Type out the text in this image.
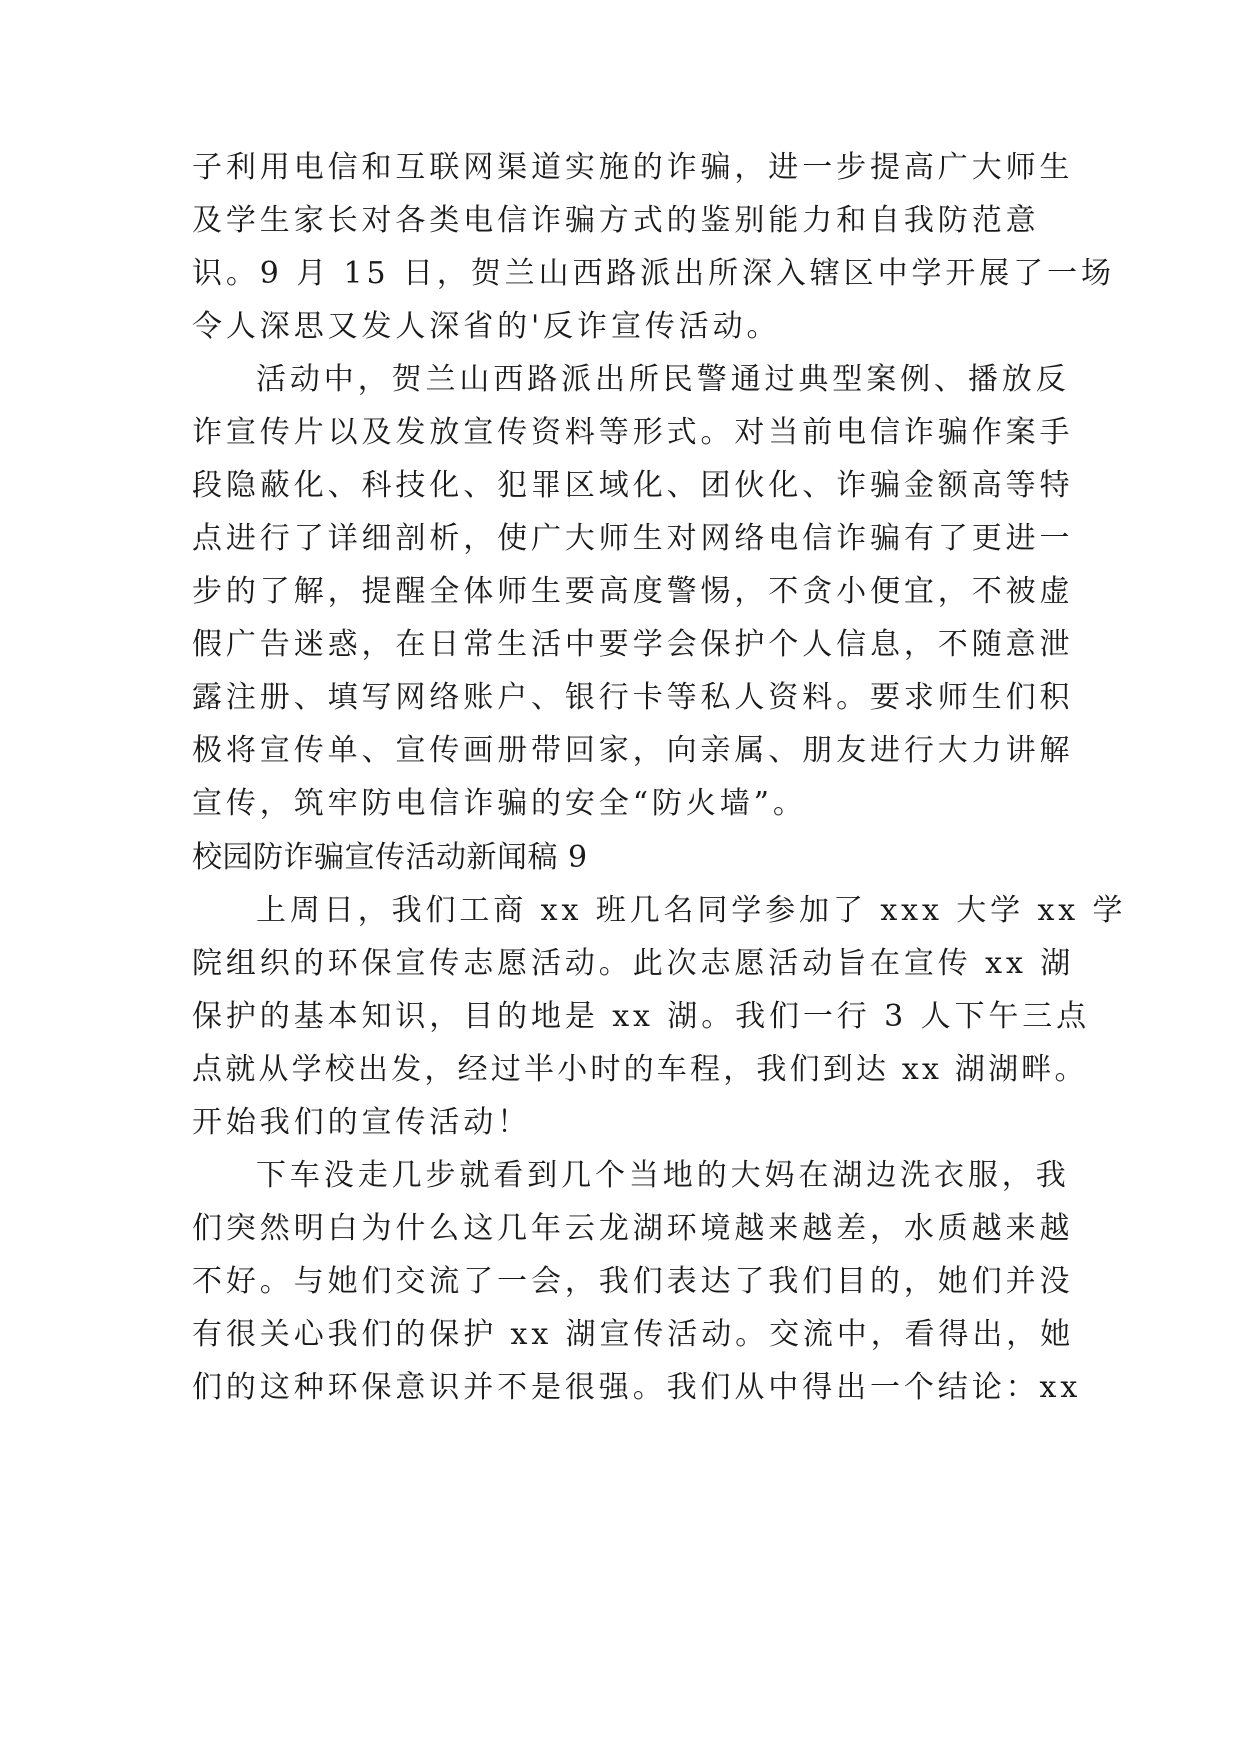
子利用电信和互联网渠道实施的诈骗，进一步提高广大师生
及学生家长对各类电信诈骗方式的鉴别能力和自我防范意
识。9 月 15 日，贺兰山西路派出所深入辖区中学开展了一场
令人深思又发人深省的'反诈宣传活动。
活动中，贺兰山西路派出所民警通过典型案例、播放反
诈宣传片以及发放宣传资料等形式。对当前电信诈骗作案手
段隐蔽化、科技化、犯罪区域化、团伙化、诈骗金额高等特
点进行了详细剖析，使广大师生对网络电信诈骗有了更进一
步的了解，提醒全体师生要高度警惕，不贪小便宜，不被虚
假广告迷惑，在日常生活中要学会保护个人信息，不随意泄
露注册、填写网络账户、银行卡等私人资料。要求师生们积
极将宣传单、宣传画册带回家，向亲属、朋友进行大力讲解
宣传，筑牢防电信诈骗的安全“防火墙”。
校园防诈骗宣传活动新闻稿 9
上周日，我们工商 xx 班几名同学参加了 xxx 大学 xx 学
院组织的环保宣传志愿活动。此次志愿活动旨在宣传 xx 湖
保护的基本知识，目的地是 xx 湖。我们一行 3 人下午三点
点就从学校出发，经过半小时的车程，我们到达 xx 湖湖畔。
开始我们的宣传活动！
下车没走几步就看到几个当地的大妈在湖边洗衣服，我
们突然明白为什么这几年云龙湖环境越来越差，水质越来越
不好。与她们交流了一会，我们表达了我们目的，她们并没
有很关心我们的保护 xx 湖宣传活动。交流中，看得出，她
们的这种环保意识并不是很强。我们从中得出一个结论：xx
